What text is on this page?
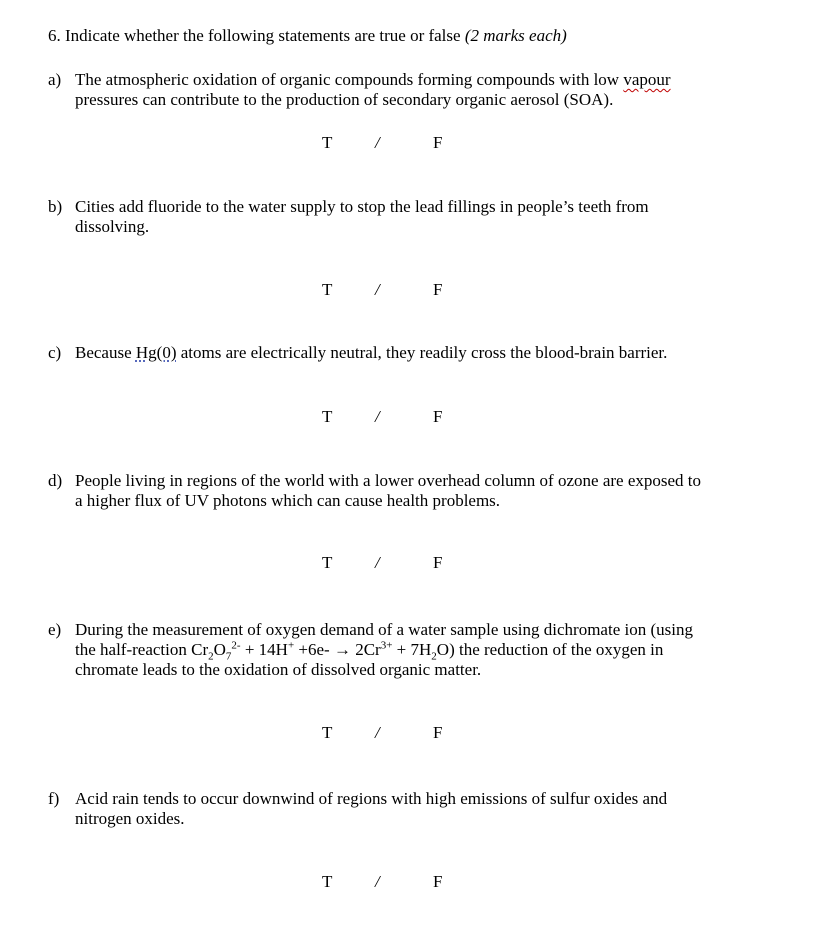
6. Indicate whether the following statements are true or false (2 marks each)
a) The atmospheric oxidation of organic compounds forming compounds with low vapour
pressures can contribute to the production of secondary organic aerosol (SOA).
T	/	F
b) Cities add fluoride to the water supply to stop the lead fillings in people’s teeth from
dissolving.
T	/	F
c) Because Hg(0) atoms are electrically neutral, they readily cross the blood-brain barrier.
T	/	F
d) People living in regions of the world with a lower overhead column of ozone are exposed to
a higher flux of UV photons which can cause health problems.
T	/	F
e) During the measurement of oxygen demand of a water sample using dichromate ion (using
the half-reaction $Cr_2O_7^{2-} + 14H^+ +6e- \to 2Cr^{3+} + 7H_2O$) the reduction of the oxygen in
chromate leads to the oxidation of dissolved organic matter.
T	/	F
f) Acid rain tends to occur downwind of regions with high emissions of sulfur oxides and
nitrogen oxides.
T	/	F
